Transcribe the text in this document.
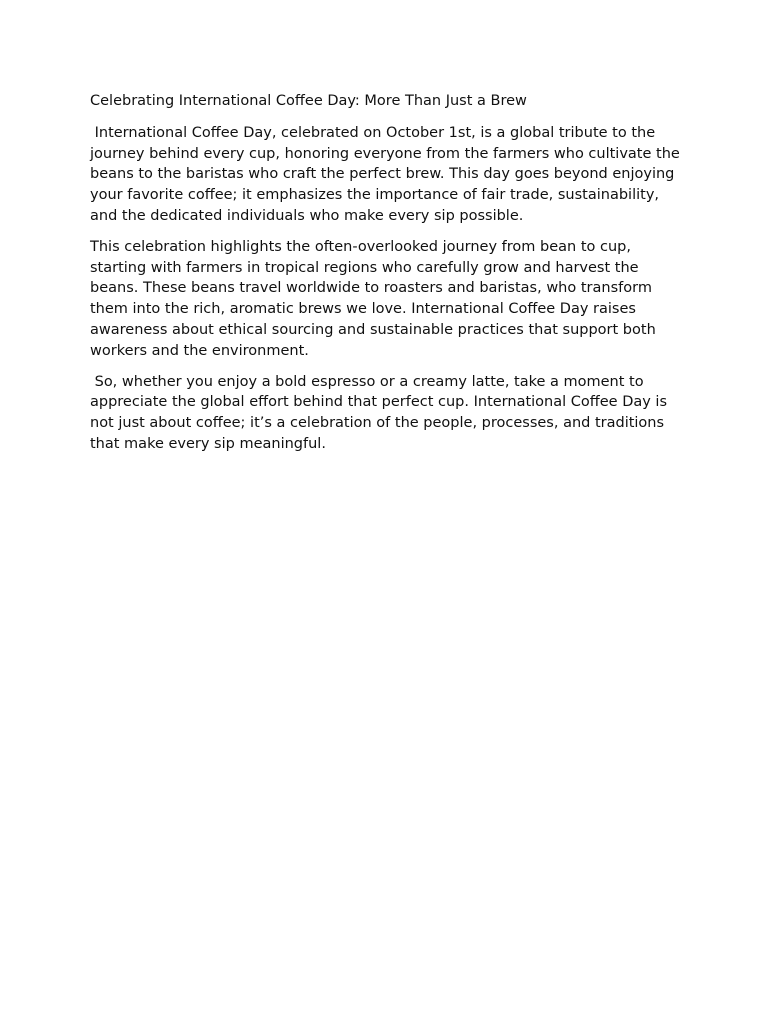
Celebrating International Coffee Day: More Than Just a Brew

International Coffee Day, celebrated on October 1st, is a global tribute to the journey behind every cup, honoring everyone from the farmers who cultivate the beans to the baristas who craft the perfect brew. This day goes beyond enjoying your favorite coffee; it emphasizes the importance of fair trade, sustainability, and the dedicated individuals who make every sip possible.

This celebration highlights the often-overlooked journey from bean to cup, starting with farmers in tropical regions who carefully grow and harvest the beans. These beans travel worldwide to roasters and baristas, who transform them into the rich, aromatic brews we love. International Coffee Day raises awareness about ethical sourcing and sustainable practices that support both workers and the environment.

So, whether you enjoy a bold espresso or a creamy latte, take a moment to appreciate the global effort behind that perfect cup. International Coffee Day is not just about coffee; it’s a celebration of the people, processes, and traditions that make every sip meaningful.
